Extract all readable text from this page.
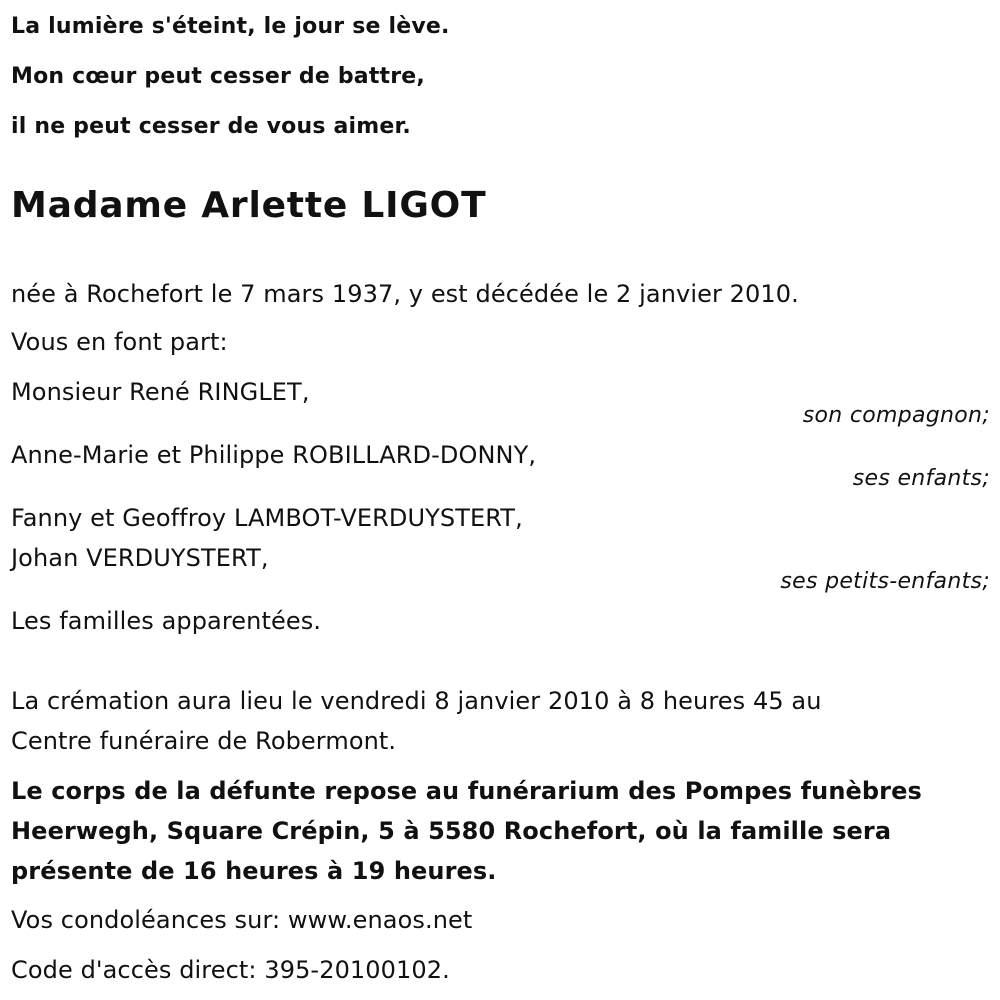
La lumière s'éteint, le jour se lève.
Mon cœur peut cesser de battre,
il ne peut cesser de vous aimer.
Madame Arlette LIGOT
née à Rochefort le 7 mars 1937, y est décédée le 2 janvier 2010.
Vous en font part:
Monsieur René RINGLET,
son compagnon;
Anne-Marie et Philippe ROBILLARD-DONNY,
ses enfants;
Fanny et Geoffroy LAMBOT-VERDUYSTERT,
Johan VERDUYSTERT,
ses petits-enfants;
Les familles apparentées.
La crémation aura lieu le vendredi 8 janvier 2010 à 8 heures 45 au
Centre funéraire de Robermont.
Le corps de la défunte repose au funérarium des Pompes funèbres
Heerwegh, Square Crépin, 5 à 5580 Rochefort, où la famille sera
présente de 16 heures à 19 heures.
Vos condoléances sur: www.enaos.net
Code d'accès direct: 395-20100102.
